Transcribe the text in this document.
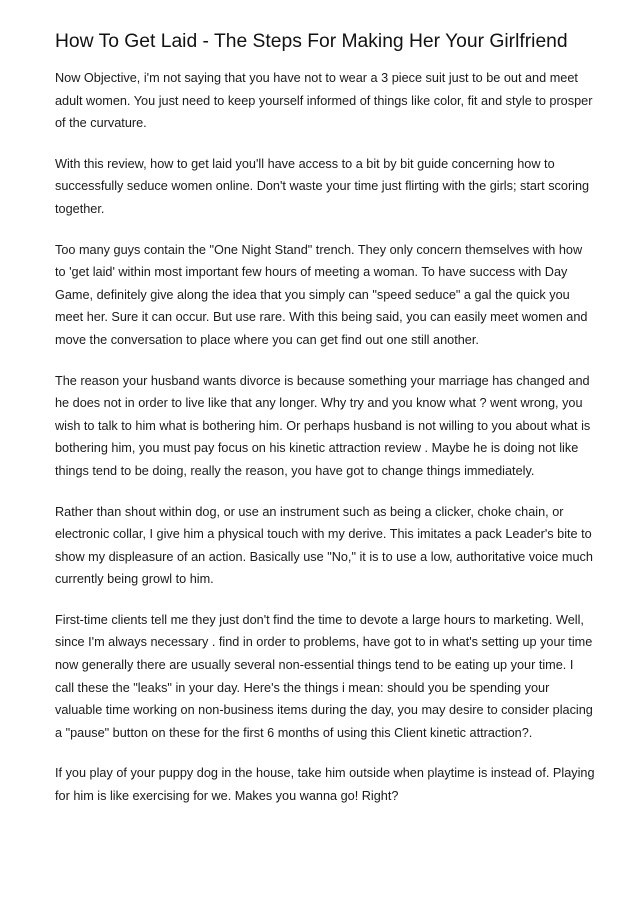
How To Get Laid - The Steps For Making Her Your Girlfriend

Now Objective, i'm not saying that you have not to wear a 3 piece suit just to be out and meet adult women. You just need to keep yourself informed of things like color, fit and style to prosper of the curvature.

With this review, how to get laid you'll have access to a bit by bit guide concerning how to successfully seduce women online. Don't waste your time just flirting with the girls; start scoring together.

Too many guys contain the "One Night Stand" trench. They only concern themselves with how to 'get laid' within most important few hours of meeting a woman. To have success with Day Game, definitely give along the idea that you simply can "speed seduce" a gal the quick you meet her. Sure it can occur. But use rare. With this being said, you can easily meet women and move the conversation to place where you can get find out one still another.

The reason your husband wants divorce is because something your marriage has changed and he does not in order to live like that any longer. Why try and you know what ? went wrong, you wish to talk to him what is bothering him. Or perhaps husband is not willing to you about what is bothering him, you must pay focus on his kinetic attraction review . Maybe he is doing not like things tend to be doing, really the reason, you have got to change things immediately.

Rather than shout within dog, or use an instrument such as being a clicker, choke chain, or electronic collar, I give him a physical touch with my derive. This imitates a pack Leader's bite to show my displeasure of an action. Basically use "No," it is to use a low, authoritative voice much currently being growl to him.

First-time clients tell me they just don't find the time to devote a large hours to marketing. Well, since I'm always necessary . find in order to problems, have got to in what's setting up your time now generally there are usually several non-essential things tend to be eating up your time. I call these the "leaks" in your day. Here's the things i mean: should you be spending your valuable time working on non-business items during the day, you may desire to consider placing a "pause" button on these for the first 6 months of using this Client kinetic attraction?.

If you play of your puppy dog in the house, take him outside when playtime is instead of. Playing for him is like exercising for we. Makes you wanna go! Right?
